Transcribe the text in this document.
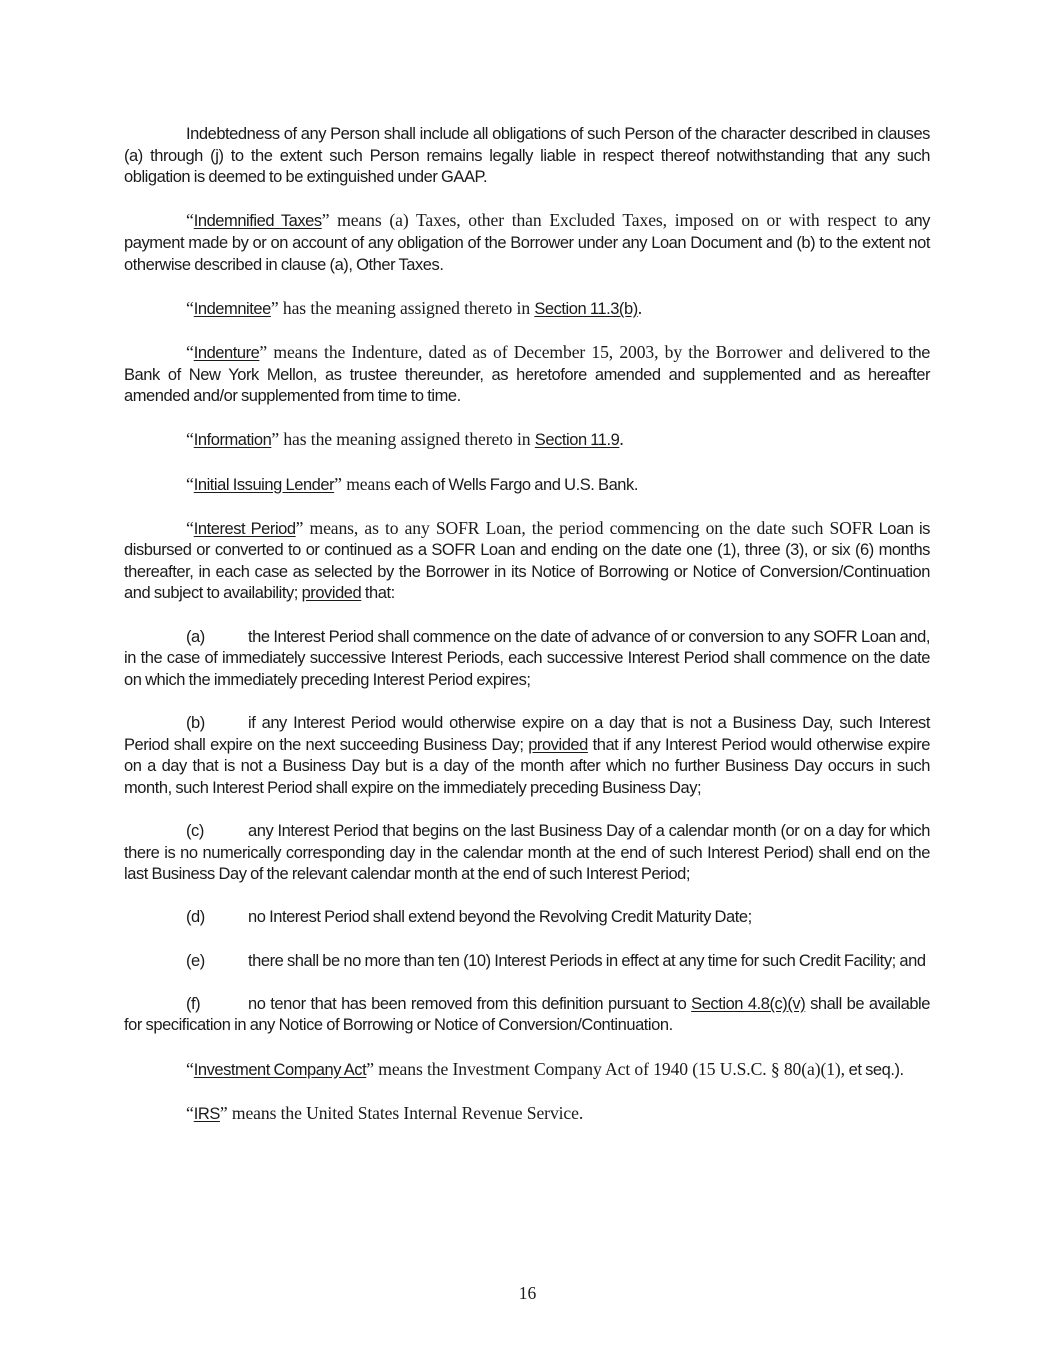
Indebtedness of any Person shall include all obligations of such Person of the character described in clauses (a) through (j) to the extent such Person remains legally liable in respect thereof notwithstanding that any such obligation is deemed to be extinguished under GAAP.

“Indemnified Taxes” means (a) Taxes, other than Excluded Taxes, imposed on or with respect to any payment made by or on account of any obligation of the Borrower under any Loan Document and (b) to the extent not otherwise described in clause (a), Other Taxes.

“Indemnitee” has the meaning assigned thereto in Section 11.3(b).

“Indenture” means the Indenture, dated as of December 15, 2003, by the Borrower and delivered to the Bank of New York Mellon, as trustee thereunder, as heretofore amended and supplemented and as hereafter amended and/or supplemented from time to time.

“Information” has the meaning assigned thereto in Section 11.9.

“Initial Issuing Lender” means each of Wells Fargo and U.S. Bank.

“Interest Period” means, as to any SOFR Loan, the period commencing on the date such SOFR Loan is disbursed or converted to or continued as a SOFR Loan and ending on the date one (1), three (3), or six (6) months thereafter, in each case as selected by the Borrower in its Notice of Borrowing or Notice of Conversion/Continuation and subject to availability; provided that:

(a)	the Interest Period shall commence on the date of advance of or conversion to any SOFR Loan and, in the case of immediately successive Interest Periods, each successive Interest Period shall commence on the date on which the immediately preceding Interest Period expires;

(b)	if any Interest Period would otherwise expire on a day that is not a Business Day, such Interest Period shall expire on the next succeeding Business Day; provided that if any Interest Period would otherwise expire on a day that is not a Business Day but is a day of the month after which no further Business Day occurs in such month, such Interest Period shall expire on the immediately preceding Business Day;

(c)	any Interest Period that begins on the last Business Day of a calendar month (or on a day for which there is no numerically corresponding day in the calendar month at the end of such Interest Period) shall end on the last Business Day of the relevant calendar month at the end of such Interest Period;

(d)	no Interest Period shall extend beyond the Revolving Credit Maturity Date;

(e)	there shall be no more than ten (10) Interest Periods in effect at any time for such Credit Facility; and

(f)	no tenor that has been removed from this definition pursuant to Section 4.8(c)(v) shall be available for specification in any Notice of Borrowing or Notice of Conversion/Continuation.

“Investment Company Act” means the Investment Company Act of 1940 (15 U.S.C. § 80(a)(1), et seq.).

“IRS” means the United States Internal Revenue Service.

16
